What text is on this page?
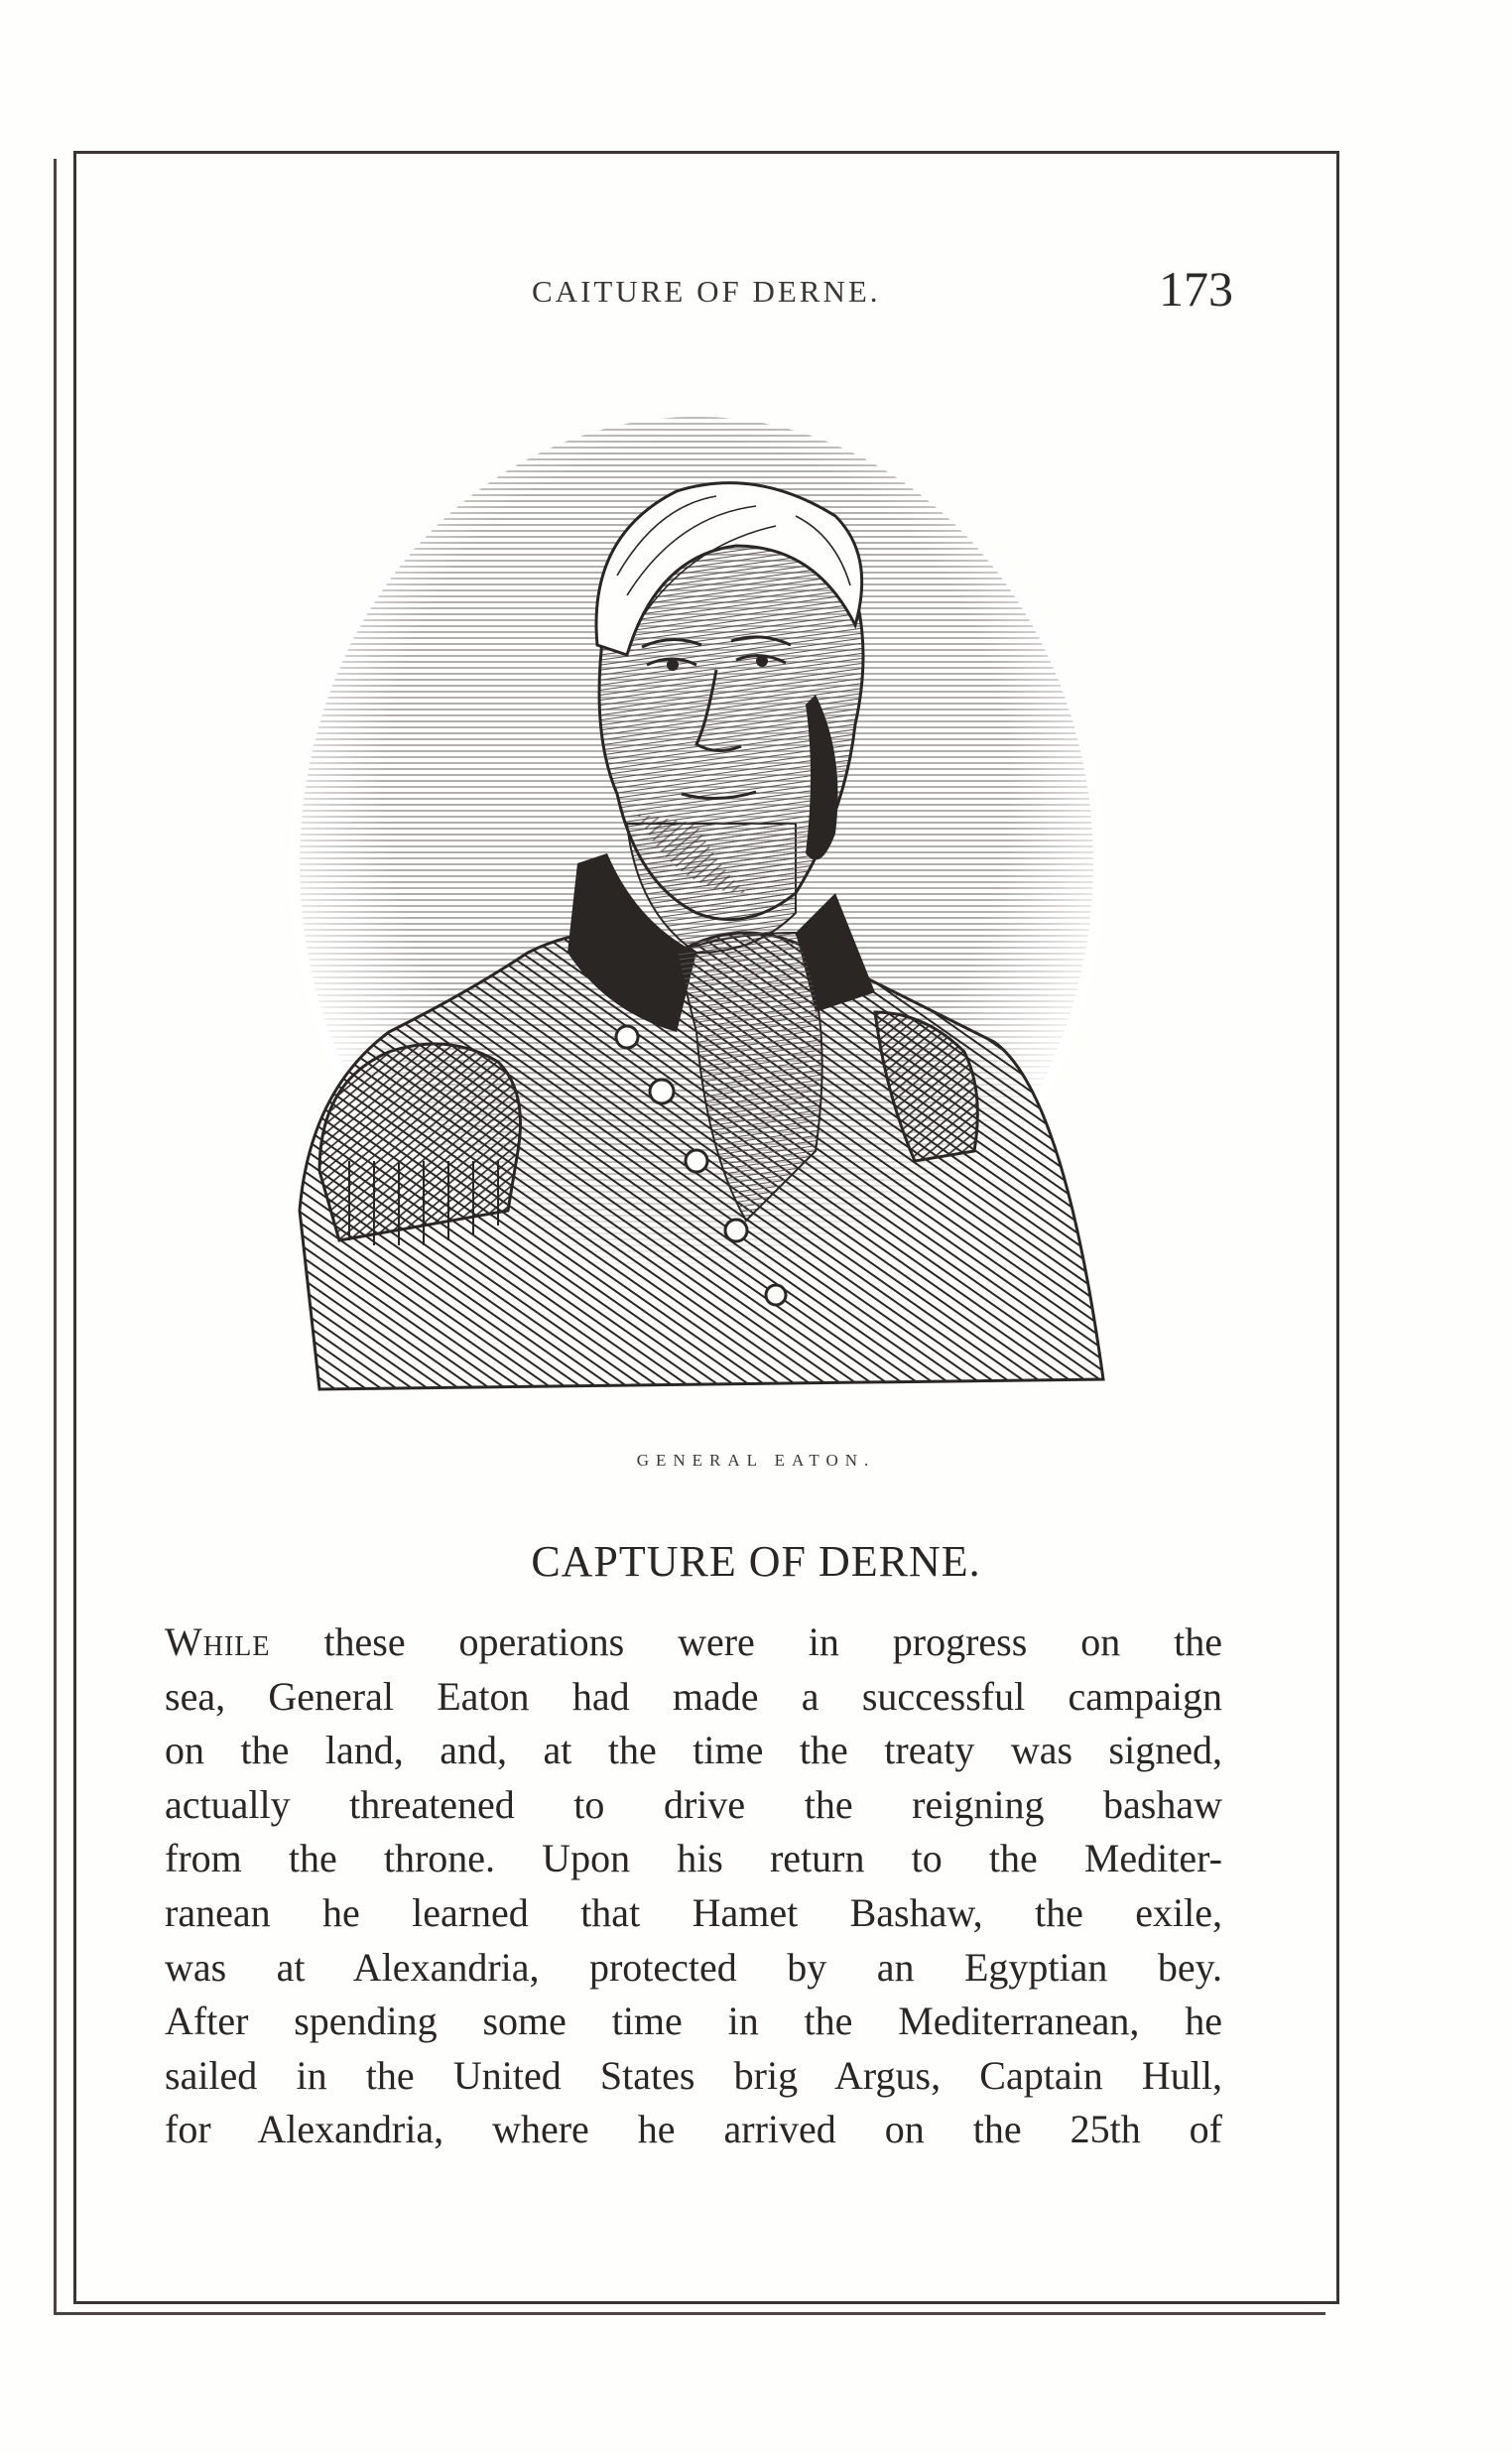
CAITURE OF DERNE.	173
GENERAL EATON.
CAPTURE OF DERNE.
While these operations were in progress on the
sea, General Eaton had made a successful campaign
on the land, and, at the time the treaty was signed,
actually threatened to drive the reigning bashaw
from the throne. Upon his return to the Mediter-
ranean he learned that Hamet Bashaw, the exile,
was at Alexandria, protected by an Egyptian bey.
After spending some time in the Mediterranean, he
sailed in the United States brig Argus, Captain Hull,
for Alexandria, where he arrived on the 25th of
